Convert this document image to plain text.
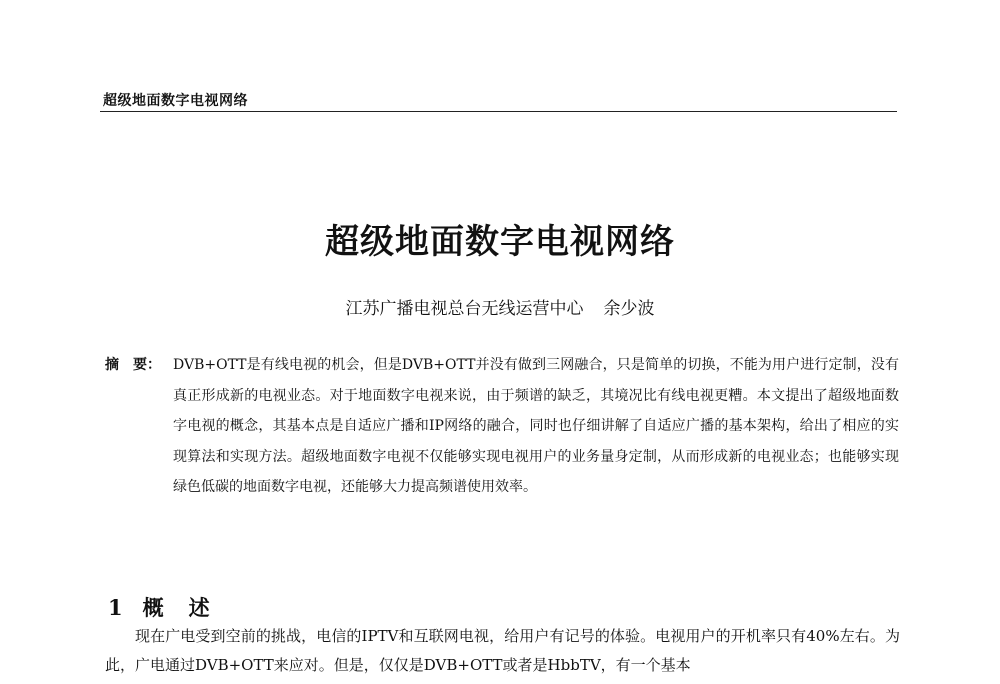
超级地面数字电视网络
超级地面数字电视网络
江苏广播电视总台无线运营中心 余少波
摘　要： DVB+OTT是有线电视的机会，但是DVB+OTT并没有做到三网融合，只是简单的切换，不能为用户进行定制，没有真正形成新的电视业态。对于地面数字电视来说，由于频谱的缺乏，其境况比有线电视更糟。本文提出了超级地面数字电视的概念，其基本点是自适应广播和IP网络的融合，同时也仔细讲解了自适应广播的基本架构，给出了相应的实现算法和实现方法。超级地面数字电视不仅能够实现电视用户的业务量身定制，从而形成新的电视业态；也能够实现绿色低碳的地面数字电视，还能够大力提高频谱使用效率。
1 概　述
现在广电受到空前的挑战，电信的IPTV和互联网电视，给用户有记号的体验。电视用户的开机率只有40%左右。为此，广电通过DVB+OTT来应对。但是，仅仅是DVB+OTT或者是HbbTV，有一个基本
